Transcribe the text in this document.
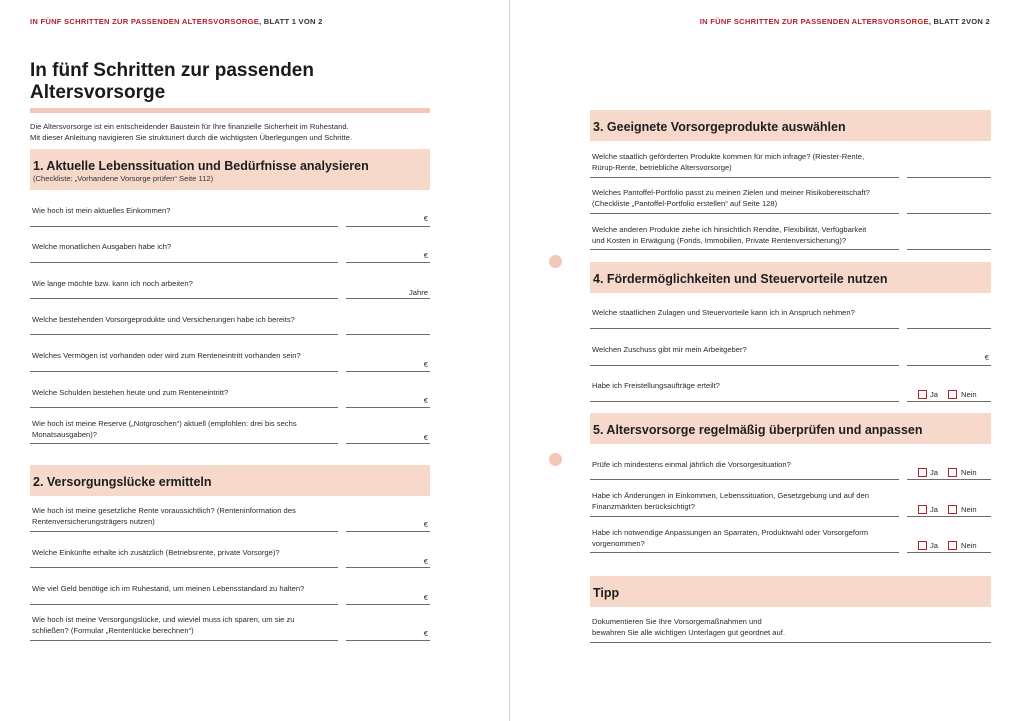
IN FÜNF SCHRITTEN ZUR PASSENDEN ALTERSVORSORGE, BLATT 1 VON 2
In fünf Schritten zur passenden
Altersvorsorge
Die Altersvorsorge ist ein entscheidender Baustein für Ihre finanzielle Sicherheit im Ruhestand.
Mit dieser Anleitung navigieren Sie strukturiert durch die wichtigsten Überlegungen und Schritte.
1. Aktuelle Lebenssituation und Bedürfnisse analysieren
(Checkliste: „Vorhandene Vorsorge prüfen“ Seite 112)
Wie hoch ist mein aktuelles Einkommen?
€
Welche monatlichen Ausgaben habe ich?
€
Wie lange möchte bzw. kann ich noch arbeiten?
Jahre
Welche bestehenden Vorsorgeprodukte und Versicherungen habe ich bereits?
Welches Vermögen ist vorhanden oder wird zum Renteneintritt vorhanden sein?
€
Welche Schulden bestehen heute und zum Renteneintritt?
€
Wie hoch ist meine Reserve („Notgroschen“) aktuell (empfohlen: drei bis sechs
Monatsausgaben)?	€
2. Versorgungslücke ermitteln
Wie hoch ist meine gesetzliche Rente voraussichtlich? (Renteninformation des
Rentenversicherungsträgers nutzen)	€
Welche Einkünfte erhalte ich zusätzlich (Betriebsrente, private Vorsorge)?
€
Wie viel Geld benötige ich im Ruhestand, um meinen Lebensstandard zu halten?
€
Wie hoch ist meine Versorgungslücke, und wieviel muss ich sparen, um sie zu
schließen? (Formular „Rentenlücke berechnen“)	€
IN FÜNF SCHRITTEN ZUR PASSENDEN ALTERSVORSORGE, BLATT 2VON 2
3. Geeignete Vorsorgeprodukte auswählen
Welche staatlich geförderten Produkte kommen für mich infrage? (Riester-Rente,
Rürup-Rente, betriebliche Altersvorsorge)
Welches Pantoffel-Portfolio passt zu meinen Zielen und meiner Risikobereitschaft?
(Checkliste „Pantoffel-Portfolio erstellen“ auf Seite 128)
Welche anderen Produkte ziehe ich hinsichtlich Rendite, Flexibilität, Verfügbarkeit
und Kosten in Erwägung (Fonds, Immobilien, Private Rentenversicherung)?
4. Fördermöglichkeiten und Steuervorteile nutzen
Welche staatlichen Zulagen und Steuervorteile kann ich in Anspruch nehmen?
Welchen Zuschuss gibt mir mein Arbeitgeber?
€
Habe ich Freistellungsaufträge erteilt?
Ja	Nein
5. Altersvorsorge regelmäßig überprüfen und anpassen
Prüfe ich mindestens einmal jährlich die Vorsorgesituation?
Ja	Nein
Habe ich Änderungen in Einkommen, Lebenssituation, Gesetzgebung und auf den
Finanzmärkten berücksichtigt?	Ja	Nein
Habe ich notwendige Anpassungen an Sparraten, Produktwahl oder Vorsorgeform
vorgenommen?	Ja	Nein
Tipp
Dokumentieren Sie Ihre Vorsorgemaßnahmen und
bewahren Sie alle wichtigen Unterlagen gut geordnet auf.
